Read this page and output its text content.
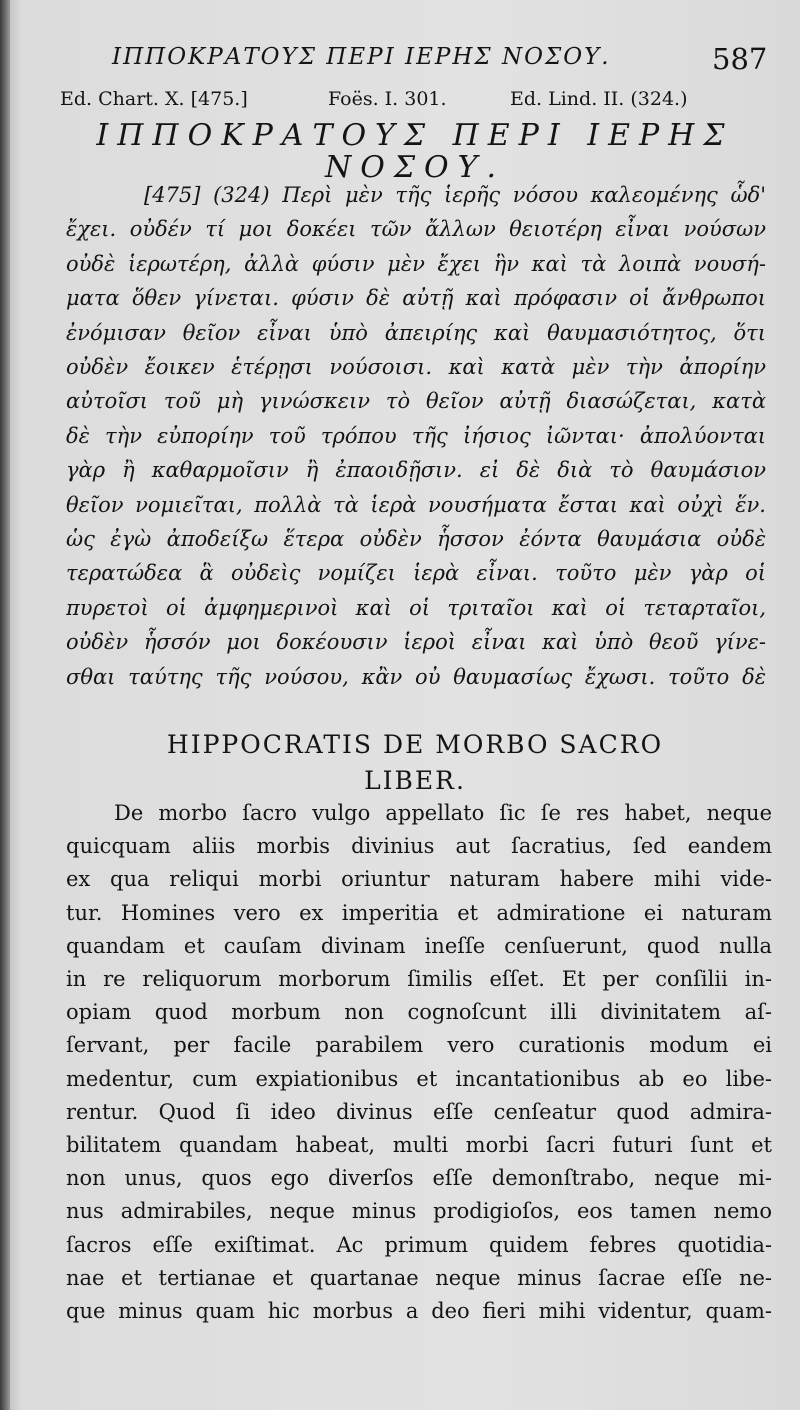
ΙΠΠΟΚΡΑΤΟΥΣ ΠΕΡΙ ΙΕΡΗΣ ΝΟΣΟΥ.	587
Ed. Chart. X. [475.]	Foës. I. 301.	Ed. Lind. II. (324.)
ΙΠΠΟΚΡΑΤΟΥΣ ΠΕΡΙ ΙΕΡΗΣ
ΝΟΣΟΥ.
[475] (324) Περὶ μὲν τῆς ἱερῆς νόσου καλεομένης ὧδ'
ἔχει. οὐδέν τί μοι δοκέει τῶν ἄλλων θειοτέρη εἶναι νούσων
οὐδὲ ἱερωτέρη, ἀλλὰ φύσιν μὲν ἔχει ἣν καὶ τὰ λοιπὰ νουσή-
ματα ὅθεν γίνεται. φύσιν δὲ αὐτῇ καὶ πρόφασιν οἱ ἄνθρωποι
ἐνόμισαν θεῖον εἶναι ὑπὸ ἀπειρίης καὶ θαυμασιότητος, ὅτι
οὐδὲν ἔοικεν ἑτέρῃσι νούσοισι. καὶ κατὰ μὲν τὴν ἀπορίην
αὐτοῖσι τοῦ μὴ γινώσκειν τὸ θεῖον αὐτῇ διασώζεται, κατὰ
δὲ τὴν εὐπορίην τοῦ τρόπου τῆς ἰήσιος ἰῶνται· ἀπολύονται
γὰρ ἢ καθαρμοῖσιν ἢ ἐπαοιδῇσιν. εἰ δὲ διὰ τὸ θαυμάσιον
θεῖον νομιεῖται, πολλὰ τὰ ἱερὰ νουσήματα ἔσται καὶ οὐχὶ ἕν.
ὡς ἐγὼ ἀποδείξω ἕτερα οὐδὲν ἧσσον ἐόντα θαυμάσια οὐδὲ
τερατώδεα ἃ οὐδεὶς νομίζει ἱερὰ εἶναι. τοῦτο μὲν γὰρ οἱ
πυρετοὶ οἱ ἀμφημερινοὶ καὶ οἱ τριταῖοι καὶ οἱ τεταρταῖοι,
οὐδὲν ἧσσόν μοι δοκέουσιν ἱεροὶ εἶναι καὶ ὑπὸ θεοῦ γίνε-
σθαι ταύτης τῆς νούσου, κἂν οὐ θαυμασίως ἔχωσι. τοῦτο δὲ
HIPPOCRATIS DE MORBO SACRO
LIBER.
De morbo ſacro vulgo appellato ſic ſe res habet, neque
quicquam aliis morbis divinius aut ſacratius, ſed eandem
ex qua reliqui morbi oriuntur naturam habere mihi vide-
tur. Homines vero ex imperitia et admiratione ei naturam
quandam et cauſam divinam ineſſe cenſuerunt, quod nulla
in re reliquorum morborum ſimilis eſſet. Et per conſilii in-
opiam quod morbum non cognoſcunt illi divinitatem aſ-
ſervant, per facile parabilem vero curationis modum ei
medentur, cum expiationibus et incantationibus ab eo libe-
rentur. Quod ſi ideo divinus eſſe cenſeatur quod admira-
bilitatem quandam habeat, multi morbi ſacri futuri ſunt et
non unus, quos ego diverſos eſſe demonſtrabo, neque mi-
nus admirabiles, neque minus prodigioſos, eos tamen nemo
ſacros eſſe exiſtimat. Ac primum quidem febres quotidia-
nae et tertianae et quartanae neque minus ſacrae eſſe ne-
que minus quam hic morbus a deo fieri mihi videntur, quam-
